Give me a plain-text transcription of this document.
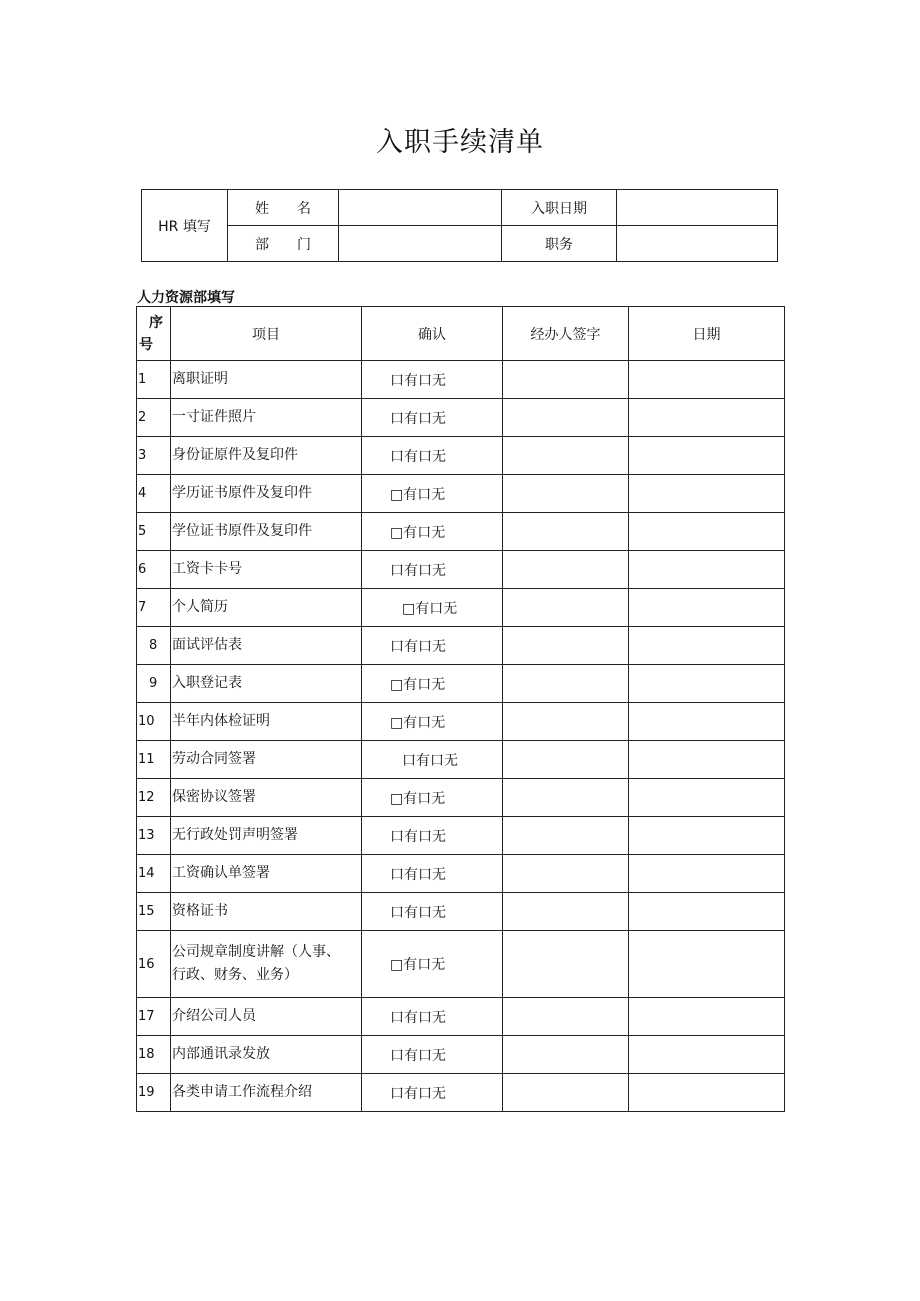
入职手续清单
HR 填写	姓　　名		入职日期	
	部　　门		职务	
人力资源部填写
序
号	项目	确认	经办人签字	日期
1	离职证明	口有口无		
2	一寸证件照片	口有口无		
3	身份证原件及复印件	口有口无		
4	学历证书原件及复印件	□有口无		
5	学位证书原件及复印件	□有口无		
6	工资卡卡号	口有口无		
7	个人简历	□有口无		
8	面试评估表	口有口无		
9	入职登记表	□有口无		
10	半年内体检证明	□有口无		
11	劳动合同签署	口有口无		
12	保密协议签署	□有口无		
13	无行政处罚声明签署	口有口无		
14	工资确认单签署	口有口无		
15	资格证书	口有口无		
16	公司规章制度讲解（人事、
行政、财务、业务）	□有口无		
17	介绍公司人员	口有口无		
18	内部通讯录发放	口有口无		
19	各类申请工作流程介绍	口有口无		
